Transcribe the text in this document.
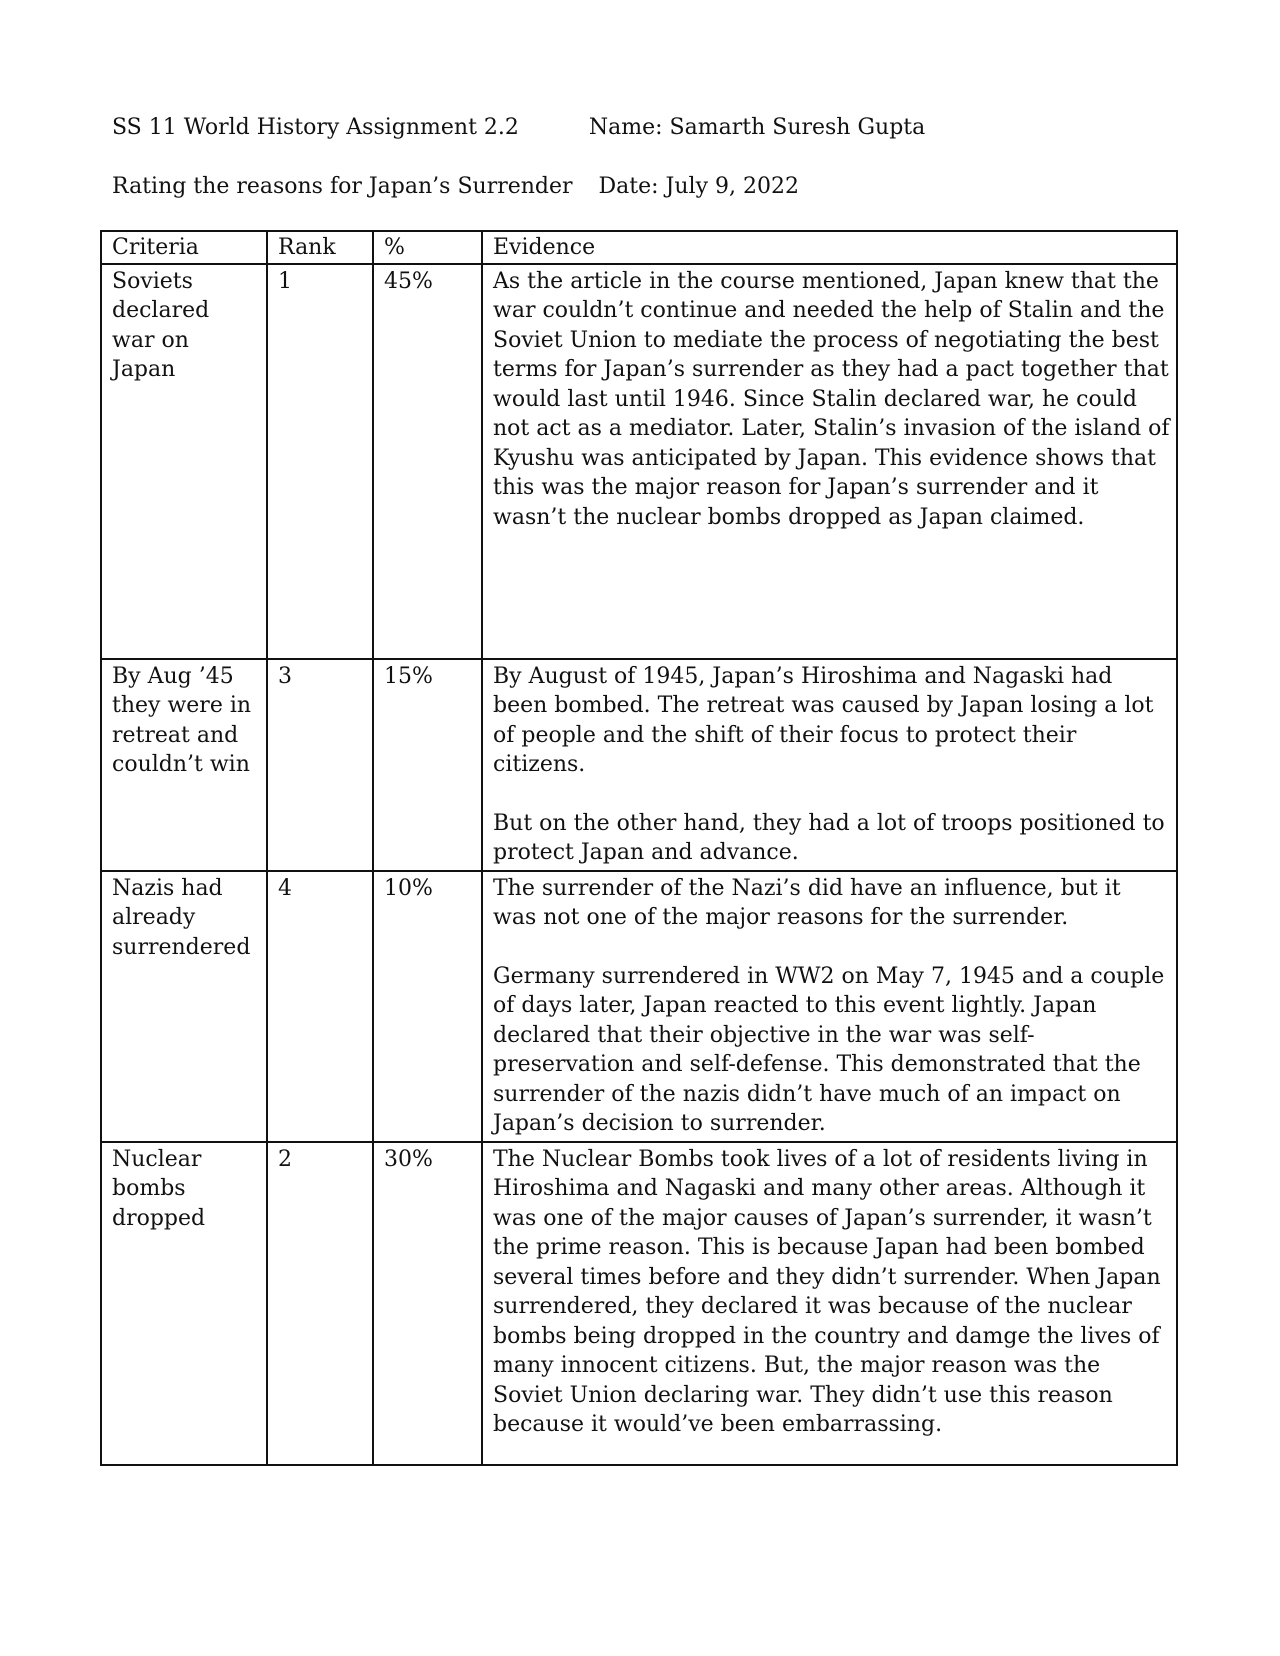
SS 11 World History Assignment 2.2	Name: Samarth Suresh Gupta
Rating the reasons for Japan’s Surrender Date: July 9, 2022
Criteria	Rank	%	Evidence
Soviets declared war on Japan	1	45%	As the article in the course mentioned, Japan knew that the war couldn’t continue and needed the help of Stalin and the Soviet Union to mediate the process of negotiating the best terms for Japan’s surrender as they had a pact together that would last until 1946. Since Stalin declared war, he could not act as a mediator. Later, Stalin’s invasion of the island of Kyushu was anticipated by Japan. This evidence shows that this was the major reason for Japan’s surrender and it wasn’t the nuclear bombs dropped as Japan claimed.

By Aug ’45 they were in retreat and couldn’t win	3	15%	By August of 1945, Japan’s Hiroshima and Nagaski had been bombed. The retreat was caused by Japan losing a lot of people and the shift of their focus to protect their citizens.

But on the other hand, they had a lot of troops positioned to protect Japan and advance.

Nazis had already surrendered	4	10%	The surrender of the Nazi’s did have an influence, but it was not one of the major reasons for the surrender.

Germany surrendered in WW2 on May 7, 1945 and a couple of days later, Japan reacted to this event lightly. Japan declared that their objective in the war was self-preservation and self-defense. This demonstrated that the surrender of the nazis didn’t have much of an impact on Japan’s decision to surrender.

Nuclear bombs dropped	2	30%	The Nuclear Bombs took lives of a lot of residents living in Hiroshima and Nagaski and many other areas. Although it was one of the major causes of Japan’s surrender, it wasn’t the prime reason. This is because Japan had been bombed several times before and they didn’t surrender. When Japan surrendered, they declared it was because of the nuclear bombs being dropped in the country and damge the lives of many innocent citizens. But, the major reason was the Soviet Union declaring war. They didn’t use this reason because it would’ve been embarrassing.
